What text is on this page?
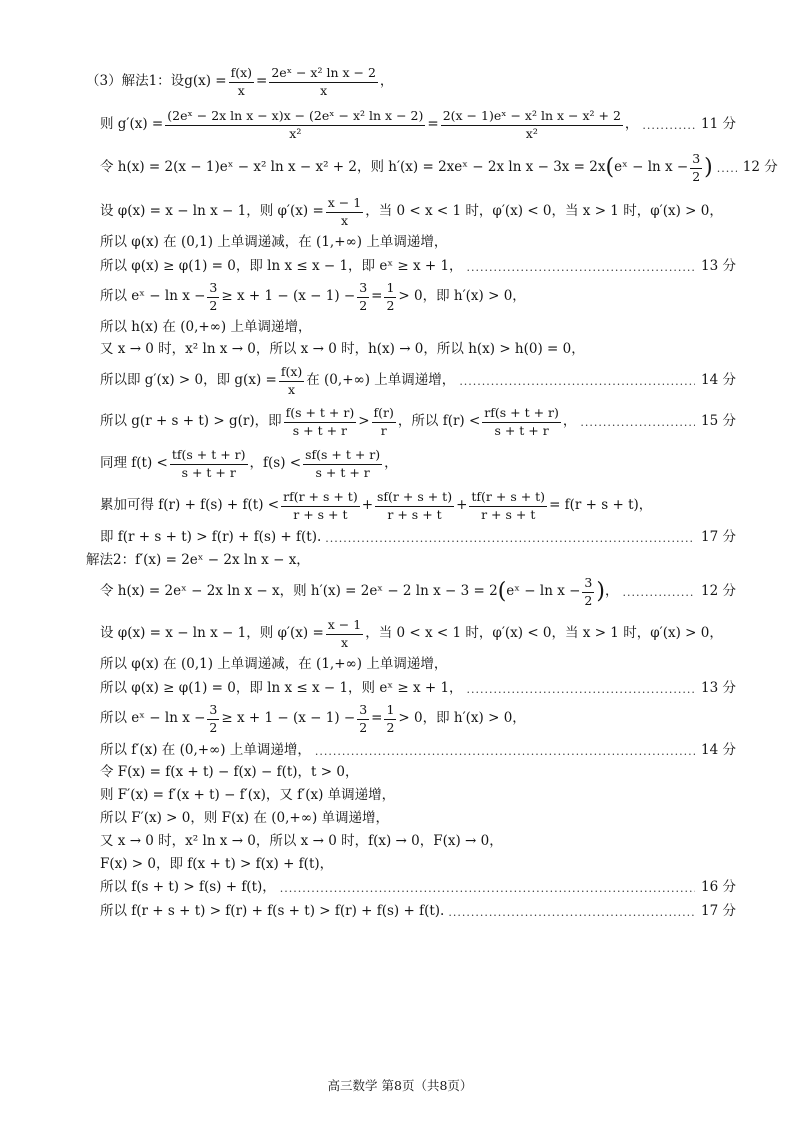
（3）解法1：设 $g(x) = \frac{f(x)}{x} = \frac{\text{2eˣ − x² ln x − 2}}{x}$ ，
则 $g'(x) = \frac{\text{(2eˣ − 2x ln x − x)x − (2eˣ − x² ln x − 2)}}{\text{x²}} = \frac{\text{2(x − 1)eˣ − x² ln x − x² + 2}}{\text{x²}}$ ， .....	11 分
令 h(x) = 2(x − 1)eˣ − x² ln x − x² + 2，则 h′(x) = 2xeˣ − 2x ln x − 3x = 2x ( eˣ − $\ln x - \frac{3}{2}$ ) ..... 12 分
设 φ(x) = x − ln x − 1，则 $\varphi'(x) = \frac{x - 1}{x}$ ，当 0 < x < 1 时，φ′(x) < 0，当 x > 1 时，φ′(x) > 0，
所以 φ(x) 在 (0,1) 上单调递减，在 (1,+∞) 上单调递增，
所以 φ(x) ≥ φ(1) = 0，即 ln x ≤ x − 1，即 eˣ ≥ x + 1， .....	13 分
所以 eˣ − $\ln x - \frac{3}{2} \ge x + 1 - (x - 1) - \frac{3}{2} = \frac{1}{2} > 0$，即 h′(x) > 0，
所以 h(x) 在 (0,+∞) 上单调递增，
又 x → 0 时，x² ln x → 0，所以 x → 0 时，h(x) → 0，所以 h(x) > h(0) = 0，
所以即 g′(x) > 0，即 $g(x) = \frac{f(x)}{x}$ 在 (0,+∞) 上单调递增， .....	14 分
所以 g(r + s + t) > g(r)，即 $\frac{f(s + t + r)}{s + t + r} > \frac{f(r)}{r}$ ，所以 $f(r) < \frac{rf(s + t + r)}{s + t + r}$ ， .....	15 分
同理 $f(t) < \frac{tf(s + t + r)}{s + t + r}$ ，$f(s) < \frac{sf(s + t + r)}{s + t + r}$ ，
累加可得 $f(r) + f(s) + f(t) < \frac{rf(r + s + t)}{r + s + t} + \frac{sf(r + s + t)}{r + s + t} + \frac{tf(r + s + t)}{r + s + t} = f(r + s + t)$，
即 f(r + s + t) > f(r) + f(s) + f(t). .....	17 分
解法2：f′(x) = 2eˣ − 2x ln x − x，
令 h(x) = 2eˣ − 2x ln x − x，则 h′(x) = 2eˣ − 2 ln x − 3 = 2 ( eˣ − $\ln x - \frac{3}{2}$ ) ， .....	12 分
设 φ(x) = x − ln x − 1，则 $\varphi'(x) = \frac{x - 1}{x}$ ，当 0 < x < 1 时，φ′(x) < 0，当 x > 1 时，φ′(x) > 0，
所以 φ(x) 在 (0,1) 上单调递减，在 (1,+∞) 上单调递增，
所以 φ(x) ≥ φ(1) = 0，即 ln x ≤ x − 1，则 eˣ ≥ x + 1， .....	13 分
所以 eˣ − $\ln x - \frac{3}{2} \ge x + 1 - (x - 1) - \frac{3}{2} = \frac{1}{2} > 0$，即 h′(x) > 0，
所以 f′(x) 在 (0,+∞) 上单调递增， .....	14 分
令 F(x) = f(x + t) − f(x) − f(t)，t > 0，
则 F′(x) = f′(x + t) − f′(x)，又 f′(x) 单调递增，
所以 F′(x) > 0，则 F(x) 在 (0,+∞) 单调递增，
又 x → 0 时，x² ln x → 0，所以 x → 0 时，f(x) → 0，F(x) → 0，
F(x) > 0，即 f(x + t) > f(x) + f(t)，
所以 f(s + t) > f(s) + f(t)， .....	16 分
所以 f(r + s + t) > f(r) + f(s + t) > f(r) + f(s) + f(t). .....	17 分
高三数学 第8页（共8页）
